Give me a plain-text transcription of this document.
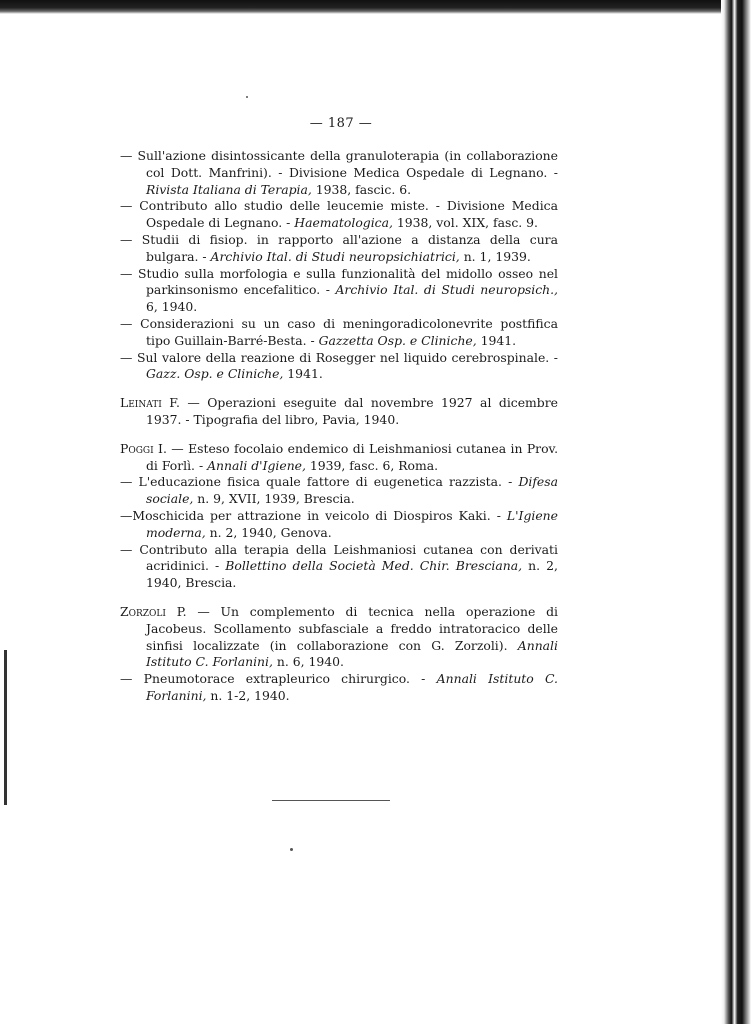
— 187 —

— Sull'azione disintossicante della granuloterapia (in collaborazione col Dott. Manfrini). - Divisione Medica Ospedale di Legnano. - Rivista Italiana di Terapia, 1938, fascic. 6.

— Contributo allo studio delle leucemie miste. - Divisione Medica Ospedale di Legnano. - Haematologica, 1938, vol. XIX, fasc. 9.

— Studii di fisiop. in rapporto all'azione a distanza della cura bulgara. - Archivio Ital. di Studi neuropsichiatrici, n. 1, 1939.

— Studio sulla morfologia e sulla funzionalità del midollo osseo nel parkinsonismo encefalitico. - Archivio Ital. di Studi neuropsich., 6, 1940.

— Considerazioni su un caso di meningoradicolonevrite postfifica tipo Guillain-Barré-Besta. - Gazzetta Osp. e Cliniche, 1941.

— Sul valore della reazione di Rosegger nel liquido cerebrospinale. - Gazz. Osp. e Cliniche, 1941.

Leinati F. — Operazioni eseguite dal novembre 1927 al dicembre 1937. - Tipografia del libro, Pavia, 1940.

Poggi I. — Esteso focolaio endemico di Leishmaniosi cutanea in Prov. di Forlì. - Annali d'Igiene, 1939, fasc. 6, Roma.

— L'educazione fisica quale fattore di eugenetica razzista. - Difesa sociale, n. 9, XVII, 1939, Brescia.

—Moschicida per attrazione in veicolo di Diospiros Kaki. - L'Igiene moderna, n. 2, 1940, Genova.

— Contributo alla terapia della Leishmaniosi cutanea con derivati acridinici. - Bollettino della Società Med. Chir. Bresciana, n. 2, 1940, Brescia.

Zorzoli P. — Un complemento di tecnica nella operazione di Jacobeus. Scollamento subfasciale a freddo intratoracico delle sinfisi localizzate (in collaborazione con G. Zorzoli). Annali Istituto C. Forlanini, n. 6, 1940.

— Pneumotorace extrapleurico chirurgico. - Annali Istituto C. Forlanini, n. 1-2, 1940.
